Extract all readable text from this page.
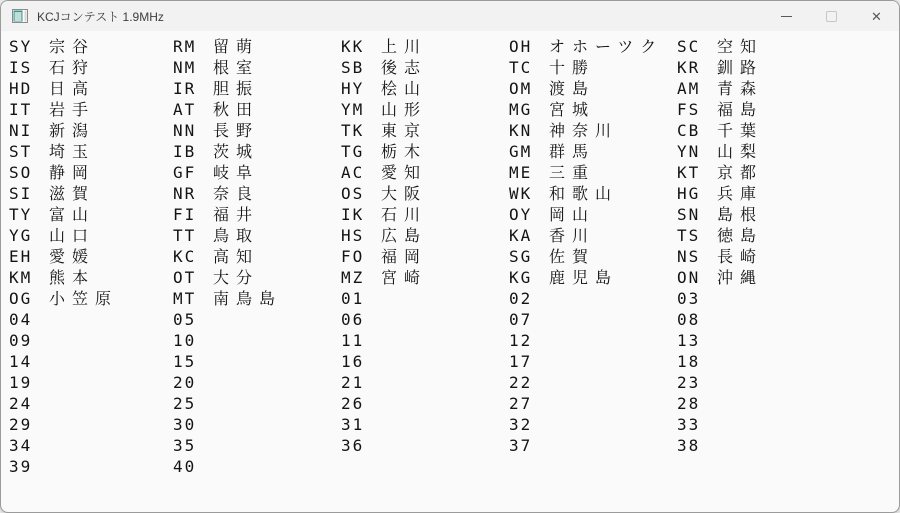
KCJコンテスト 1.9MHz	✕
SY	宗谷	RM	留萌	KK	上川	OH	オホーツク SC	空知
IS	石狩	NM	根室	SB	後志	TC	十勝	KR	釧路
HD	日高	IR	胆振	HY	桧山	OM	渡島	AM	青森
IT	岩手	AT	秋田	YM	山形	MG	宮城	FS	福島
NI	新潟	NN	長野	TK	東京	KN	神奈川	CB	千葉
ST	埼玉	IB	茨城	TG	栃木	GM	群馬	YN	山梨
SO	静岡	GF	岐阜	AC	愛知	ME	三重	KT	京都
SI	滋賀	NR	奈良	OS	大阪	WK	和歌山	HG	兵庫
TY	富山	FI	福井	IK	石川	OY	岡山	SN	島根
YG	山口	TT	鳥取	HS	広島	KA	香川	TS	徳島
EH	愛媛	KC	高知	FO	福岡	SG	佐賀	NS	長崎
KM	熊本	OT	大分	MZ	宮崎	KG	鹿児島	ON	沖縄
OG	小笠原	MT	南鳥島	01	02	03
04	05	06	07	08
09	10	11	12	13
14	15	16	17	18
19	20	21	22	23
24	25	26	27	28
29	30	31	32	33
34	35	36	37	38
39	40
